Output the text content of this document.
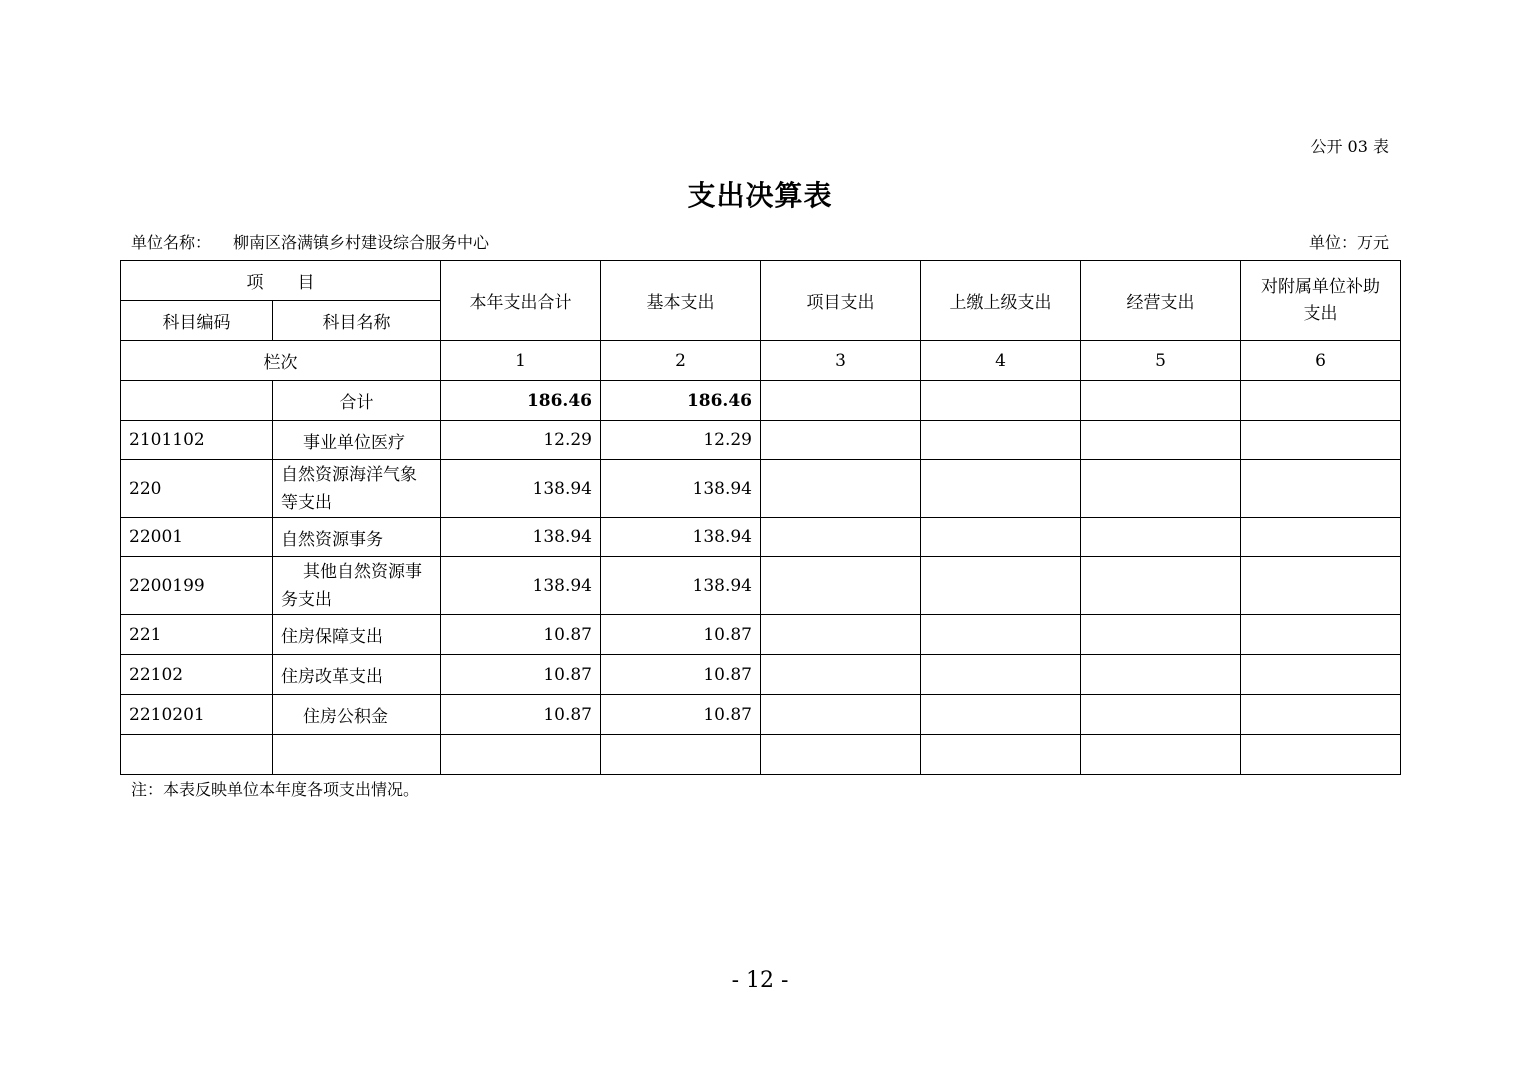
公开 03 表
支出决算表
单位名称： 柳南区洛满镇乡村建设综合服务中心	单位：万元
项　　目		本年支出合计	基本支出	项目支出	上缴上级支出	经营支出	对附属单位补助支出
科目编码	科目名称						
栏次		1	2	3	4	5	6
	合计	186.46	186.46				
2101102	事业单位医疗	12.29	12.29				
220	自然资源海洋气象等支出	138.94	138.94				
22001	自然资源事务	138.94	138.94				
2200199	其他自然资源事务支出	138.94	138.94				
221	住房保障支出	10.87	10.87				
22102	住房改革支出	10.87	10.87				
2210201	住房公积金	10.87	10.87				

注：本表反映单位本年度各项支出情况。
- 12 -
